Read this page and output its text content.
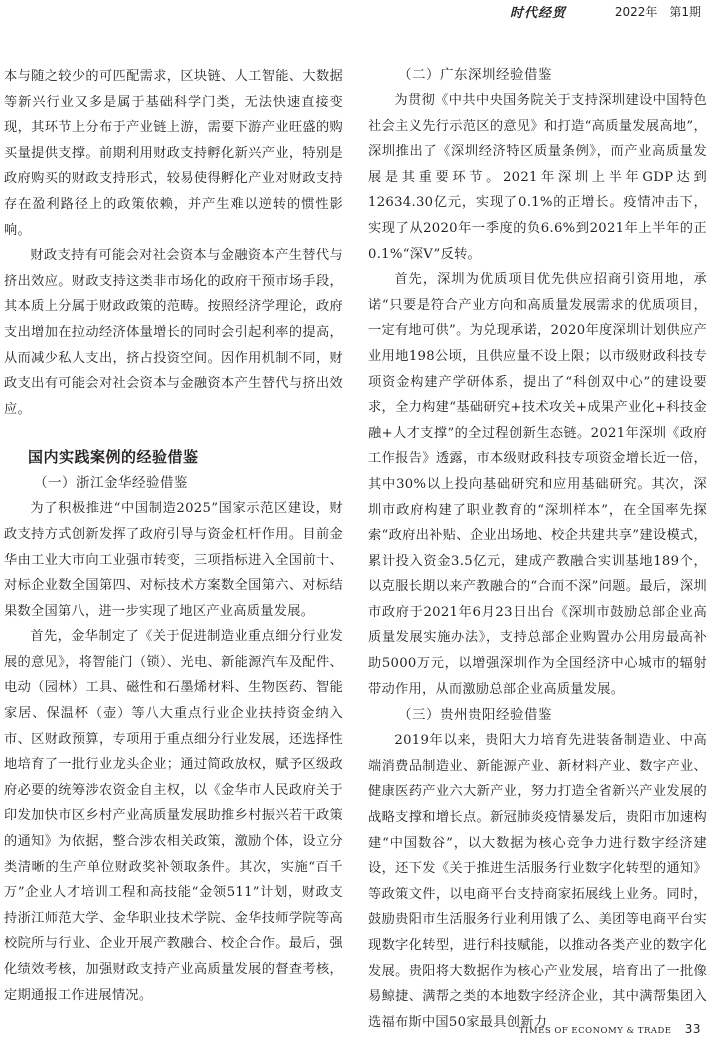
时代经贸	2022年　第1期

本与随之较少的可匹配需求，区块链、人工智能、大数据等新兴行业又多是属于基础科学门类，无法快速直接变现，其环节上分布于产业链上游，需要下游产业旺盛的购买量提供支撑。前期利用财政支持孵化新兴产业，特别是政府购买的财政支持形式，较易使得孵化产业对财政支持存在盈利路径上的政策依赖，并产生难以逆转的惯性影响。

财政支持有可能会对社会资本与金融资本产生替代与挤出效应。财政支持这类非市场化的政府干预市场手段，其本质上分属于财政政策的范畴。按照经济学理论，政府支出增加在拉动经济体量增长的同时会引起利率的提高，从而减少私人支出，挤占投资空间。因作用机制不同，财政支出有可能会对社会资本与金融资本产生替代与挤出效应。

国内实践案例的经验借鉴
（一）浙江金华经验借鉴

为了积极推进“中国制造2025”国家示范区建设，财政支持方式创新发挥了政府引导与资金杠杆作用。目前金华由工业大市向工业强市转变，三项指标进入全国前十、对标企业数全国第四、对标技术方案数全国第六、对标结果数全国第八，进一步实现了地区产业高质量发展。

首先，金华制定了《关于促进制造业重点细分行业发展的意见》，将智能门（锁）、光电、新能源汽车及配件、电动（园林）工具、磁性和石墨烯材料、生物医药、智能家居、保温杯（壶）等八大重点行业企业扶持资金纳入市、区财政预算，专项用于重点细分行业发展，还选择性地培育了一批行业龙头企业；通过简政放权，赋予区级政府必要的统筹涉农资金自主权，以《金华市人民政府关于印发加快市区乡村产业高质量发展助推乡村振兴若干政策的通知》为依据，整合涉农相关政策，激励个体，设立分类清晰的生产单位财政奖补领取条件。其次，实施“百千万”企业人才培训工程和高技能“金领511”计划，财政支持浙江师范大学、金华职业技术学院、金华技师学院等高校院所与行业、企业开展产教融合、校企合作。最后，强化绩效考核，加强财政支持产业高质量发展的督查考核，定期通报工作进展情况。

（二）广东深圳经验借鉴

为贯彻《中共中央国务院关于支持深圳建设中国特色社会主义先行示范区的意见》和打造“高质量发展高地”，深圳推出了《深圳经济特区质量条例》，而产业高质量发展是其重要环节。2021年深圳上半年GDP达到12634.30亿元，实现了0.1%的正增长。疫情冲击下，实现了从2020年一季度的负6.6%到2021年上半年的正0.1%“深V”反转。

首先，深圳为优质项目优先供应招商引资用地，承诺“只要是符合产业方向和高质量发展需求的优质项目，一定有地可供”。为兑现承诺，2020年度深圳计划供应产业用地198公顷，且供应量不设上限；以市级财政科技专项资金构建产学研体系，提出了“科创双中心”的建设要求，全力构建“基础研究+技术攻关+成果产业化+科技金融+人才支撑”的全过程创新生态链。2021年深圳《政府工作报告》透露，市本级财政科技专项资金增长近一倍，其中30%以上投向基础研究和应用基础研究。其次，深圳市政府构建了职业教育的“深圳样本”，在全国率先探索“政府出补贴、企业出场地、校企共建共享”建设模式，累计投入资金3.5亿元，建成产教融合实训基地189个，以克服长期以来产教融合的“合而不深”问题。最后，深圳市政府于2021年6月23日出台《深圳市鼓励总部企业高质量发展实施办法》，支持总部企业购置办公用房最高补助5000万元，以增强深圳作为全国经济中心城市的辐射带动作用，从而激励总部企业高质量发展。

（三）贵州贵阳经验借鉴

2019年以来，贵阳大力培育先进装备制造业、中高端消费品制造业、新能源产业、新材料产业、数字产业、健康医药产业六大新产业，努力打造全省新兴产业发展的战略支撑和增长点。新冠肺炎疫情暴发后，贵阳市加速构建“中国数谷”，以大数据为核心竞争力进行数字经济建设，还下发《关于推进生活服务行业数字化转型的通知》等政策文件，以电商平台支持商家拓展线上业务。同时，鼓励贵阳市生活服务行业利用饿了么、美团等电商平台实现数字化转型，进行科技赋能，以推动各类产业的数字化发展。贵阳将大数据作为核心产业发展，培育出了一批像易鲸捷、满帮之类的本地数字经济企业，其中满帮集团入选福布斯中国50家最具创新力

TIMES OF ECONOMY & TRADE 33
